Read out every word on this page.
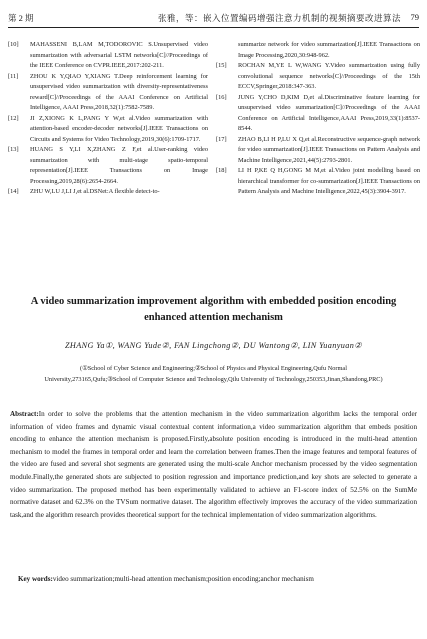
第 2 期	张雅，等：嵌入位置编码增强注意力机制的视频摘要改进算法 79
[10]	MAHASSENI B,LAM M,TODOROVIC S.Unsupervised video summarization with adversarial LSTM networks[C]//Proceedings of the IEEE Conference on CVPR.IEEE,2017:202-211.
[11]	ZHOU K Y,QIAO Y,XIANG T.Deep reinforcement learning for unsupervised video summarization with diversity-representativeness reward[C]//Proceedings of the AAAI Conference on Artificial Intelligence, AAAI Press,2018,32(1):7582-7589.
[12]	JI Z,XIONG K L,PANG Y W,et al.Video summarization with attention-based encoder-decoder networks[J].IEEE Transactions on Circuits and Systems for Video Technology,2019,30(6):1709-1717.
[13]	HUANG S Y,LI X,ZHANG Z F,et al.User-ranking video summarization with multi-stage spatio-temporal representation[J].IEEE Transactions on Image Processing,2019,28(6):2654-2664.
[14]	ZHU W,LU J,LI J,et al.DSNet:A flexible detect-to-
summarize network for video summarization[J].IEEE Transactions on Image Processing,2020,30:948-962.
[15]	ROCHAN M,YE L W,WANG Y.Video summarization using fully convolutional sequence networks[C]//Proceedings of the 15th ECCV,Springer,2018:347-363.
[16]	JUNG Y,CHO D,KIM D,et al.Discriminative feature learning for unsupervised video summarization[C]//Proceedings of the AAAI Conference on Artificial Intelligence,AAAI Press,2019,33(1):8537-8544.
[17]	ZHAO B,LI H P,LU X Q,et al.Reconstructive sequence-graph network for video summarization[J].IEEE Transactions on Pattern Analysis and Machine Intelligence,2021,44(5):2793-2801.
[18]	LI H P,KE Q H,GONG M M,et al.Video joint modelling based on hierarchical transformer for co-summarization[J].IEEE Transactions on Pattern Analysis and Machine Intelligence,2022,45(3):3904-3917.
A video summarization improvement algorithm with embedded position encoding enhanced attention mechanism
ZHANG Ya①, WANG Yude②, FAN Lingchong②, DU Wantong②, LIN Yuanyuan②
(①School of Cyber Science and Engineering;②School of Physics and Physical Engineering,Qufu Normal University,273165,Qufu;③School of Computer Science and Technology,Qilu University of Technology,250353,Jinan,Shandong,PRC)
Abstract:In order to solve the problems that the attention mechanism in the video summarization algorithm lacks the temporal order information of video frames and dynamic visual contextual content information,a video summarization algorithm that embeds position encoding to enhance the attention mechanism is proposed.Firstly,absolute position encoding is introduced in the multi-head attention mechanism to model the frames in temporal order and learn the correlation between frames.Then the image features and temporal features of the video are fused and several shot segments are generated using the multi-scale Anchor mechanism processed by the video segmentation module.Finally,the generated shots are subjected to position regression and importance prediction,and key shots are selected to generate a video summarization. The proposed method has been experimentally validated to achieve an F1-score index of 52.5% on the SumMe normative dataset and 62.3% on the TVSum normative dataset. The algorithm effectively improves the accuracy of the video summarization task,and the algorithm research provides theoretical support for the technical implementation of video summarization algorithms.
Key words:video summarization;multi-head attention mechanism;position encoding;anchor mechanism
